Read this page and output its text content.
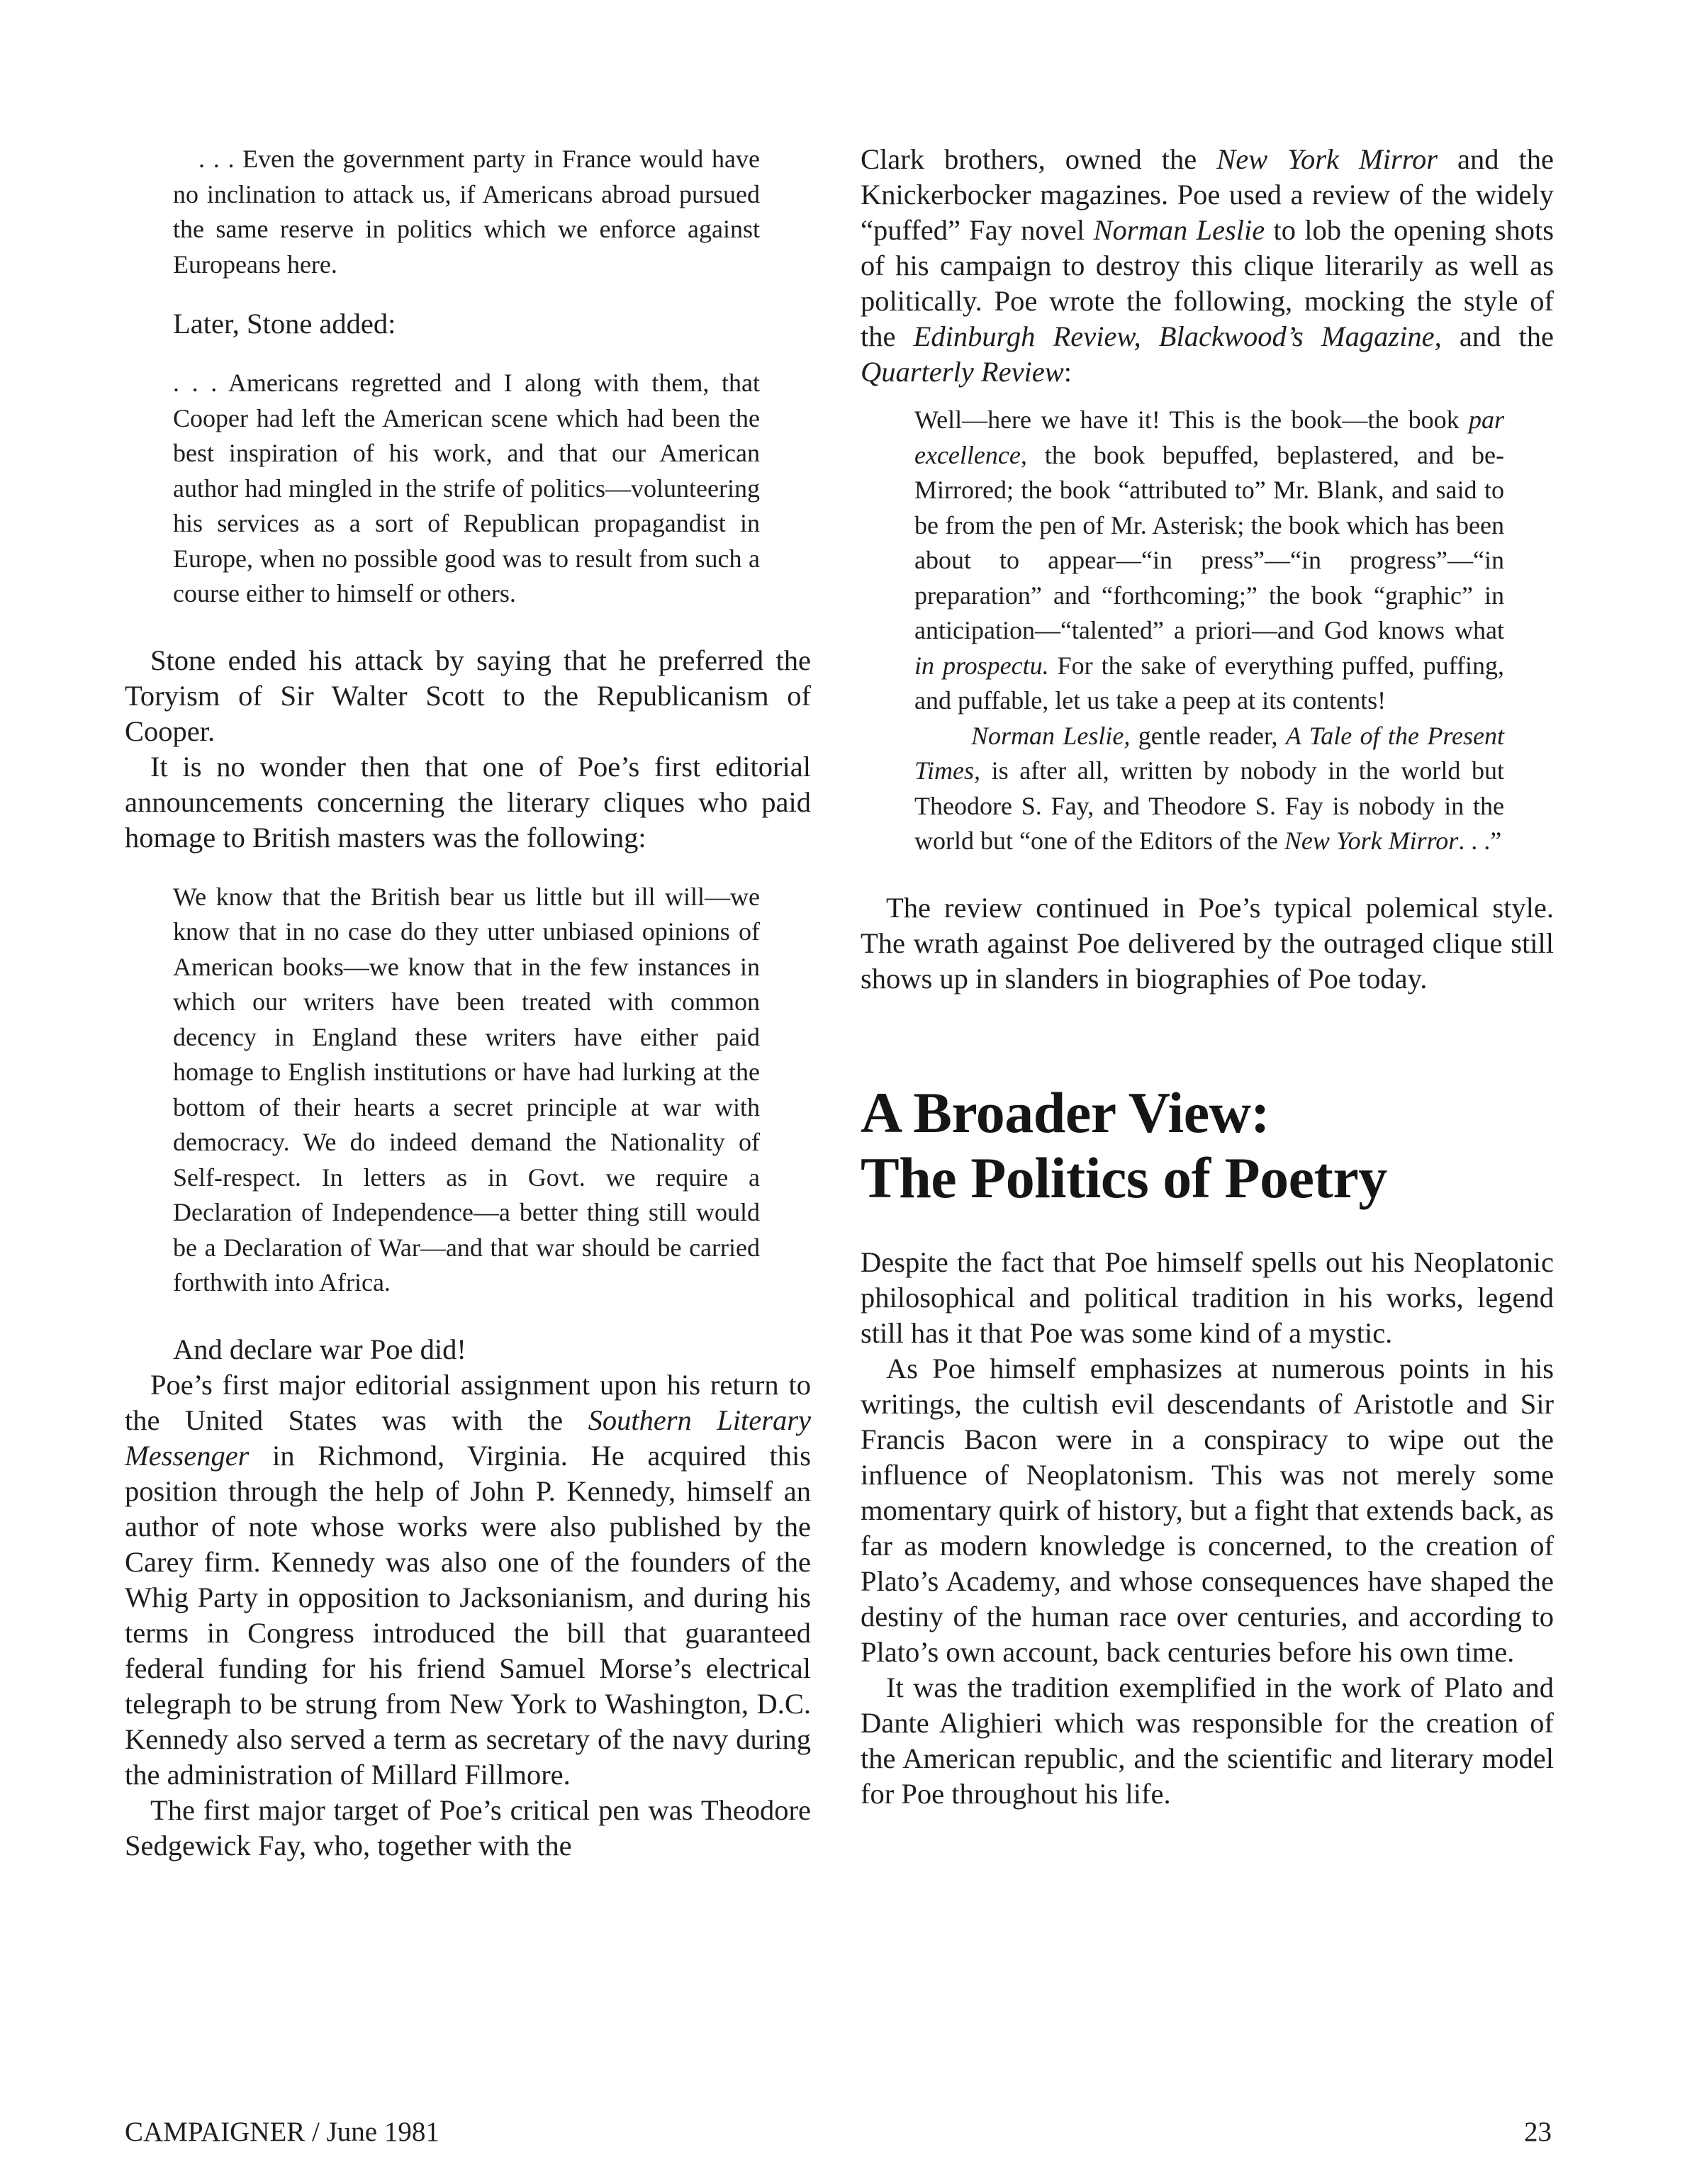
. . . Even the government party in France would have no inclination to attack us, if Americans abroad pursued the same reserve in politics which we enforce against Europeans here.

Later, Stone added:

. . . Americans regretted and I along with them, that Cooper had left the American scene which had been the best inspiration of his work, and that our American author had mingled in the strife of politics—volunteering his services as a sort of Republican propagandist in Europe, when no possible good was to result from such a course either to himself or others.

Stone ended his attack by saying that he preferred the Toryism of Sir Walter Scott to the Republicanism of Cooper.

It is no wonder then that one of Poe’s first editorial announcements concerning the literary cliques who paid homage to British masters was the following:

We know that the British bear us little but ill will—we know that in no case do they utter unbiased opinions of American books—we know that in the few instances in which our writers have been treated with common decency in England these writers have either paid homage to English institutions or have had lurking at the bottom of their hearts a secret principle at war with democracy. We do indeed demand the Nationality of Self-respect. In letters as in Govt. we require a Declaration of Independence—a better thing still would be a Declaration of War—and that war should be carried forthwith into Africa.

And declare war Poe did!

Poe’s first major editorial assignment upon his return to the United States was with the Southern Literary Messenger in Richmond, Virginia. He acquired this position through the help of John P. Kennedy, himself an author of note whose works were also published by the Carey firm. Kennedy was also one of the founders of the Whig Party in opposition to Jacksonianism, and during his terms in Congress introduced the bill that guaranteed federal funding for his friend Samuel Morse’s electrical telegraph to be strung from New York to Washington, D.C. Kennedy also served a term as secretary of the navy during the administration of Millard Fillmore.

The first major target of Poe’s critical pen was Theodore Sedgewick Fay, who, together with the

Clark brothers, owned the New York Mirror and the Knickerbocker magazines. Poe used a review of the widely “puffed” Fay novel Norman Leslie to lob the opening shots of his campaign to destroy this clique literarily as well as politically. Poe wrote the following, mocking the style of the Edinburgh Review, Blackwood’s Magazine, and the Quarterly Review:

Well—here we have it! This is the book—the book par excellence, the book bepuffed, beplastered, and be-Mirrored; the book “attributed to” Mr. Blank, and said to be from the pen of Mr. Asterisk; the book which has been about to appear—“in press”—“in progress”—“in preparation” and “forthcoming;” the book “graphic” in anticipation—“talented” a priori—and God knows what in prospectu. For the sake of everything puffed, puffing, and puffable, let us take a peep at its contents!

Norman Leslie, gentle reader, A Tale of the Present Times, is after all, written by nobody in the world but Theodore S. Fay, and Theodore S. Fay is nobody in the world but “one of the Editors of the New York Mirror. . .”

The review continued in Poe’s typical polemical style. The wrath against Poe delivered by the outraged clique still shows up in slanders in biographies of Poe today.

A Broader View:
The Politics of Poetry

Despite the fact that Poe himself spells out his Neoplatonic philosophical and political tradition in his works, legend still has it that Poe was some kind of a mystic.

As Poe himself emphasizes at numerous points in his writings, the cultish evil descendants of Aristotle and Sir Francis Bacon were in a conspiracy to wipe out the influence of Neoplatonism. This was not merely some momentary quirk of history, but a fight that extends back, as far as modern knowledge is concerned, to the creation of Plato’s Academy, and whose consequences have shaped the destiny of the human race over centuries, and according to Plato’s own account, back centuries before his own time.

It was the tradition exemplified in the work of Plato and Dante Alighieri which was responsible for the creation of the American republic, and the scientific and literary model for Poe throughout his life.

CAMPAIGNER / June 1981	23
